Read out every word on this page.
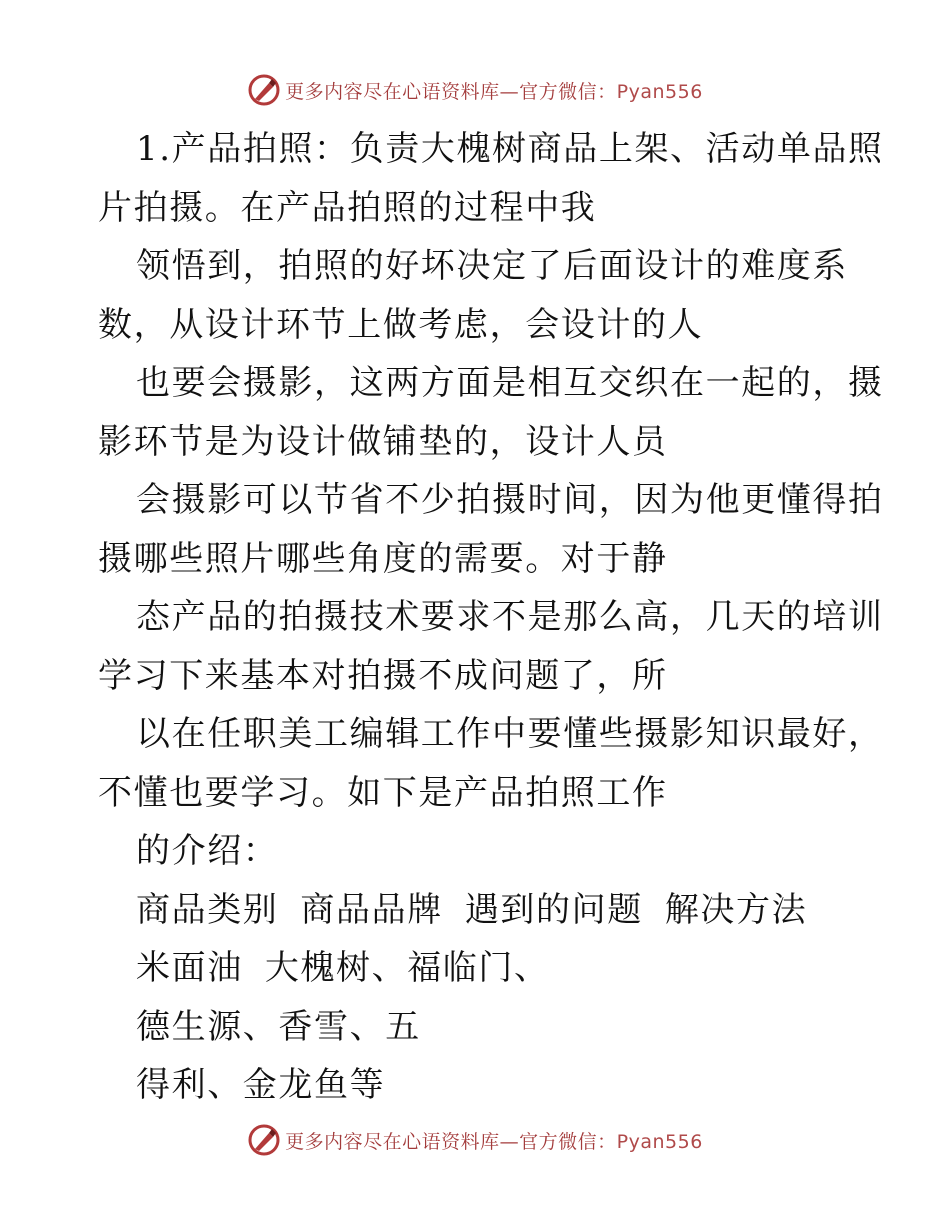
更多内容尽在心语资料库—官方微信：Pyan556
1.产品拍照：负责大槐树商品上架、活动单品照
片拍摄。在产品拍照的过程中我
领悟到，拍照的好坏决定了后面设计的难度系
数，从设计环节上做考虑，会设计的人
也要会摄影，这两方面是相互交织在一起的，摄
影环节是为设计做铺垫的，设计人员
会摄影可以节省不少拍摄时间，因为他更懂得拍
摄哪些照片哪些角度的需要。对于静
态产品的拍摄技术要求不是那么高，几天的培训
学习下来基本对拍摄不成问题了，所
以在任职美工编辑工作中要懂些摄影知识最好，
不懂也要学习。如下是产品拍照工作
的介绍：
商品类别 商品品牌 遇到的问题 解决方法
米面油 大槐树、福临门、
德生源、香雪、五
得利、金龙鱼等
更多内容尽在心语资料库—官方微信：Pyan556
